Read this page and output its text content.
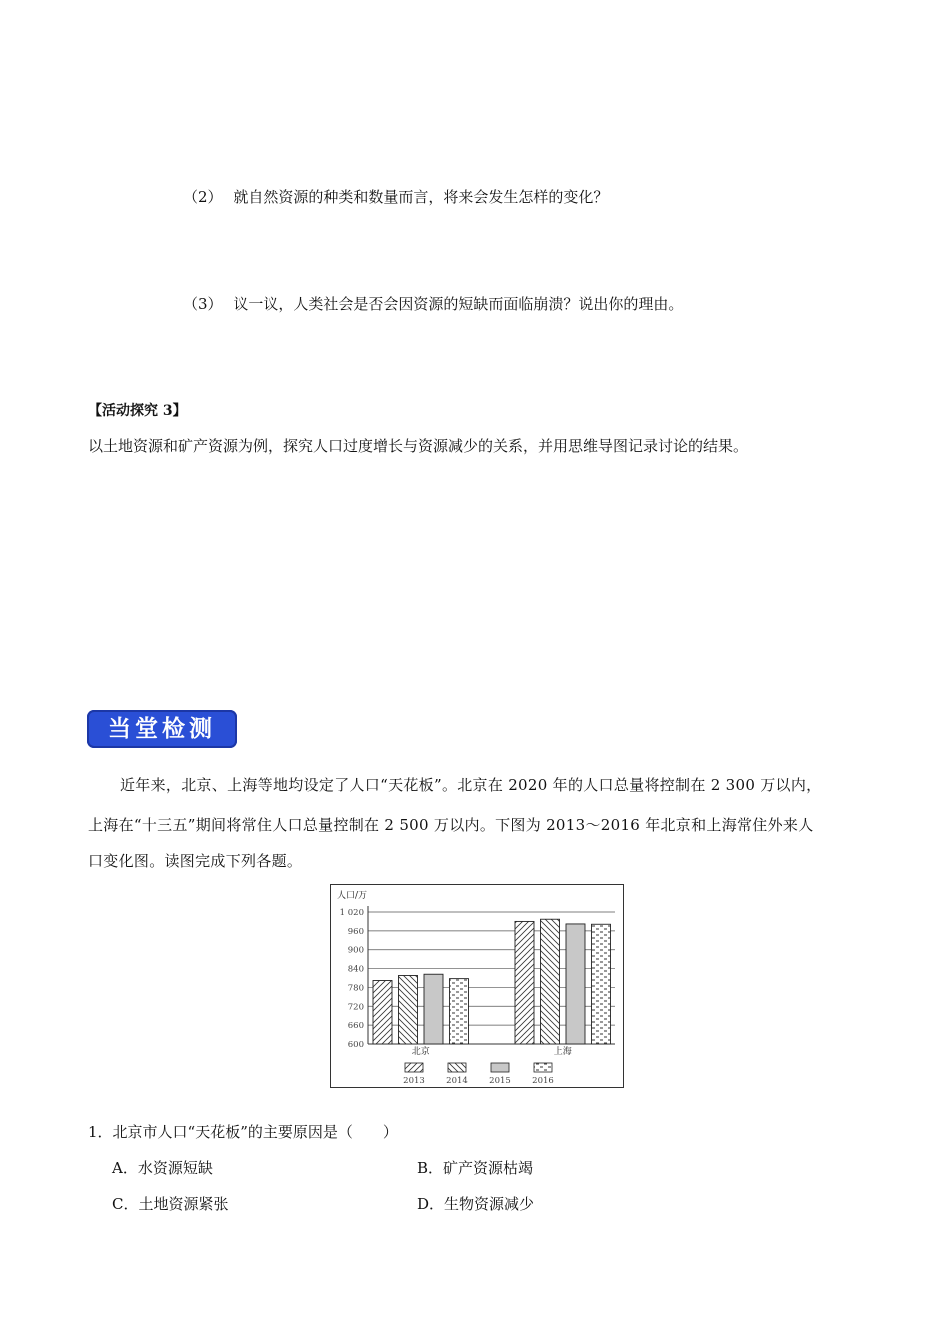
（2） 就自然资源的种类和数量而言，将来会发生怎样的变化？
（3） 议一议，人类社会是否会因资源的短缺而面临崩溃？说出你的理由。
【活动探究 3】
以土地资源和矿产资源为例，探究人口过度增长与资源减少的关系，并用思维导图记录讨论的结果。
当堂检测
近年来，北京、上海等地均设定了人口“天花板”。北京在 2020 年的人口总量将控制在 2 300 万以内，
上海在“十三五”期间将常住人口总量控制在 2 500 万以内。下图为 2013～2016 年北京和上海常住外来人
口变化图。读图完成下列各题。
人口/万
600
660
720
780
840
900
960
1 020
北京	上海
2013	2014	2015	2016
1．北京市人口“天花板”的主要原因是（　　）
A．水资源短缺	B．矿产资源枯竭
C．土地资源紧张	D．生物资源减少
